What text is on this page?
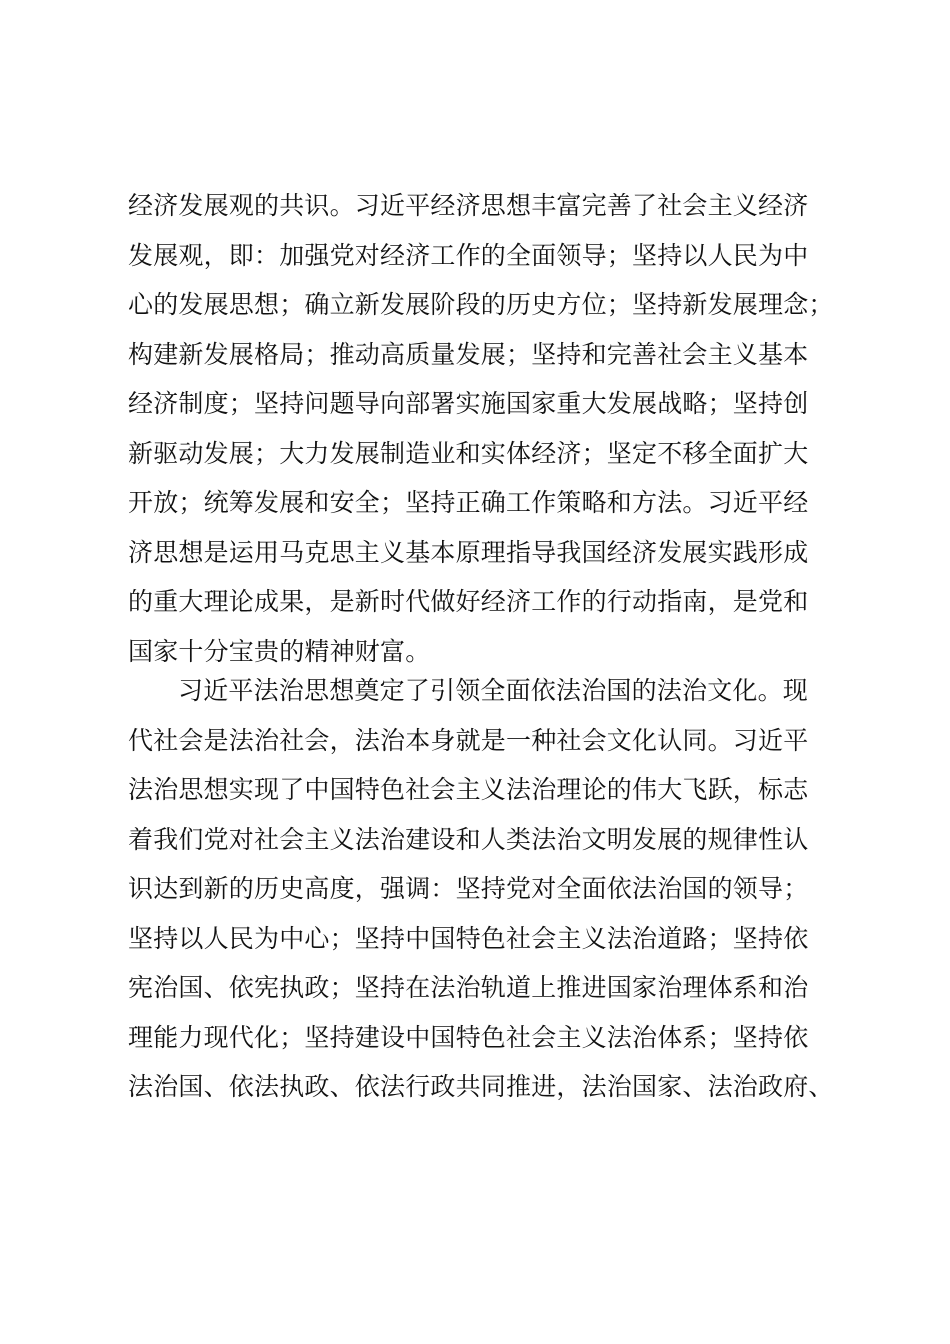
经济发展观的共识。习近平经济思想丰富完善了社会主义经济
发展观，即：加强党对经济工作的全面领导；坚持以人民为中
心的发展思想；确立新发展阶段的历史方位；坚持新发展理念；
构建新发展格局；推动高质量发展；坚持和完善社会主义基本
经济制度；坚持问题导向部署实施国家重大发展战略；坚持创
新驱动发展；大力发展制造业和实体经济；坚定不移全面扩大
开放；统筹发展和安全；坚持正确工作策略和方法。习近平经
济思想是运用马克思主义基本原理指导我国经济发展实践形成
的重大理论成果，是新时代做好经济工作的行动指南，是党和
国家十分宝贵的精神财富。
习近平法治思想奠定了引领全面依法治国的法治文化。现
代社会是法治社会，法治本身就是一种社会文化认同。习近平
法治思想实现了中国特色社会主义法治理论的伟大飞跃，标志
着我们党对社会主义法治建设和人类法治文明发展的规律性认
识达到新的历史高度，强调：坚持党对全面依法治国的领导；
坚持以人民为中心；坚持中国特色社会主义法治道路；坚持依
宪治国、依宪执政；坚持在法治轨道上推进国家治理体系和治
理能力现代化；坚持建设中国特色社会主义法治体系；坚持依
法治国、依法执政、依法行政共同推进，法治国家、法治政府、
